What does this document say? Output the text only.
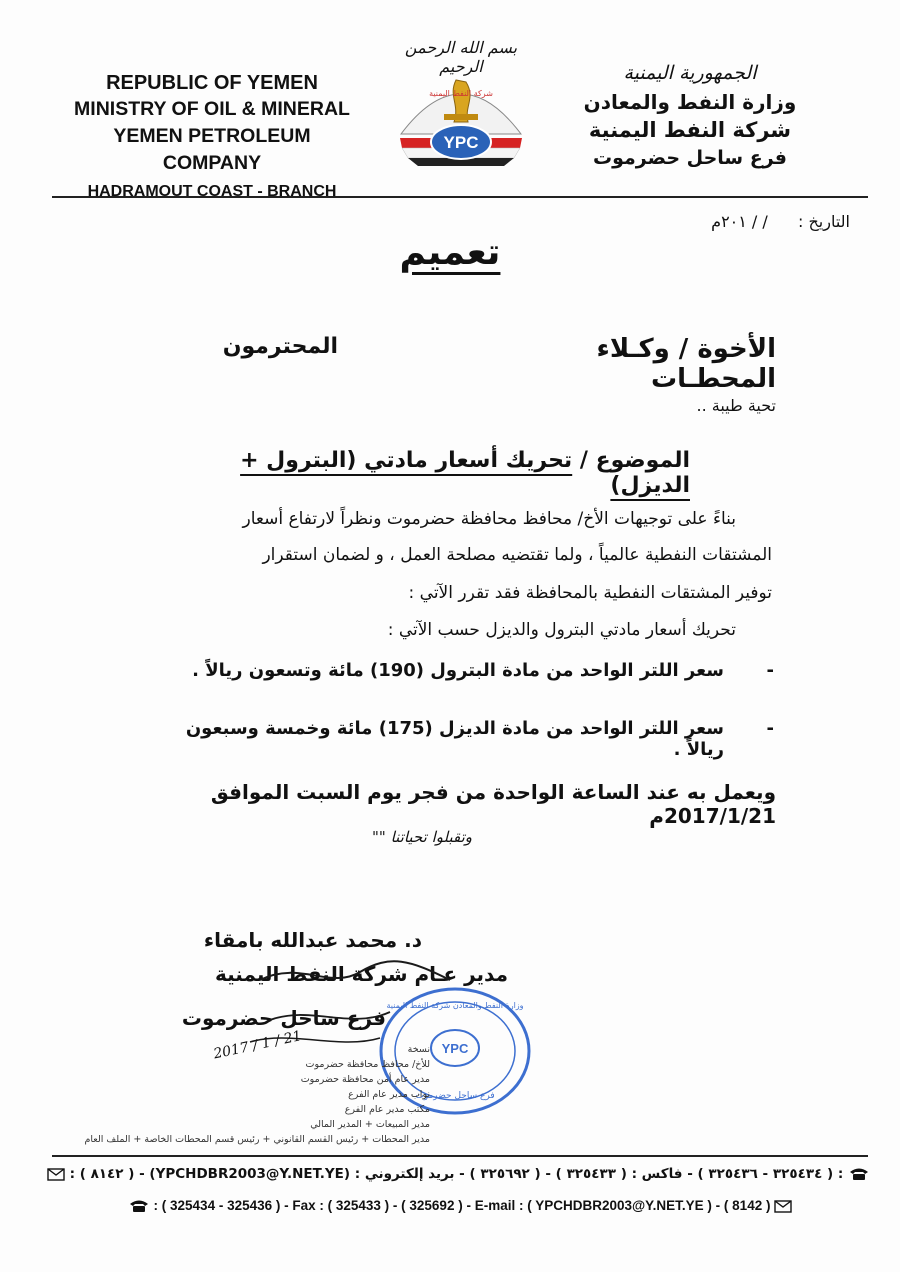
REPUBLIC OF YEMEN
MINISTRY OF OIL & MINERAL
YEMEN PETROLEUM COMPANY
HADRAMOUT COAST - BRANCH
الجمهورية اليمنية
وزارة النفط والمعادن
شركة النفط اليمنية
فرع ساحل حضرموت
بسم الله الرحمن الرحيم
YPC
شركة النفط اليمنية
التاريخ :  / / ٢٠١م
تعميم
الأخوة / وكـلاء المحطـات
المحترمون
تحية طيبة ..
الموضوع / تحريك أسعار مادتي (البترول + الديزل)
بناءً على توجيهات الأخ/ محافظ محافظة حضرموت ونظراً لارتفاع أسعار
المشتقات النفطية عالمياً ، ولما تقتضيه مصلحة العمل ، و لضمان استقرار
توفير المشتقات النفطية بالمحافظة فقد تقرر الآتي :
تحريك أسعار مادتي البترول والديزل حسب الآتي :
-
سعر اللتر الواحد من مادة البترول (190) مائة وتسعون ريالاً .
-
سعر اللتر الواحد من مادة الديزل (175) مائة وخمسة وسبعون ريالاً .
ويعمل به عند الساعة الواحدة من فجر يوم السبت الموافق 2017/1/21م
وتقبلوا تحياتنا ""
د. محمد عبدالله بامقاء
مدير عـام شركة النفط اليمنية
فرع ساحل حضرموت
2017 / 1 / 21	YPC
وزارة النفط والمعادن شركة النفط اليمنية
فرع ساحل حضرموت
نسخة
للأخ/ محافظ محافظة حضرموت
مدير عام أمن محافظة حضرموت
نواب مدير عام الفرع
مكتب مدير عام الفرع
مدير المبيعات + المدير المالي
مدير المحطات + رئيس القسم القانوني + رئيس قسم المحطات الخاصة + الملف العام
: ( ٣٢٥٤٣٤ - ٣٢٥٤٣٦ ) - فاكس : ( ٣٢٥٤٣٣ ) - ( ٣٢٥٦٩٢ ) - بريد إلكتروني : (YPCHDBR2003@Y.NET.YE) - ( ٨١٤٢ ) :
: ( 325434 - 325436 ) - Fax : ( 325433 ) - ( 325692 ) - E-mail : ( YPCHDBR2003@Y.NET.YE ) - ( 8142 )
